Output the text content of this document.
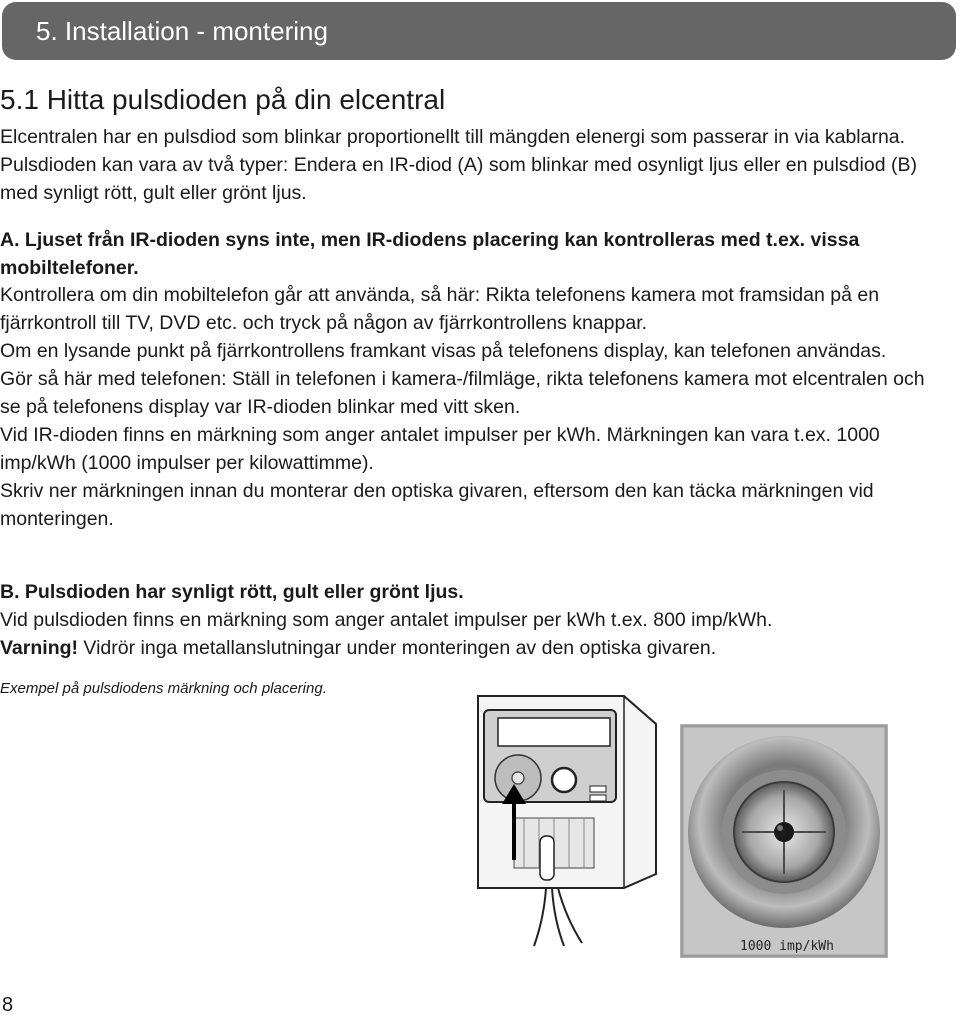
5. Installation - montering
5.1 Hitta pulsdioden på din elcentral

Elcentralen har en pulsdiod som blinkar proportionellt till mängden elenergi som passerar in via kablarna. Pulsdioden kan vara av två typer: Endera en IR-diod (A) som blinkar med osynligt ljus eller en pulsdiod (B) med synligt rött, gult eller grönt ljus.

A. Ljuset från IR-dioden syns inte, men IR-diodens placering kan kontrolleras med t.ex. vissa mobiltelefoner.

Kontrollera om din mobiltelefon går att använda, så här: Rikta telefonens kamera mot framsidan på en fjärrkontroll till TV, DVD etc. och tryck på någon av fjärrkontrollens knappar.
Om en lysande punkt på fjärrkontrollens framkant visas på telefonens display, kan telefonen användas.
Gör så här med telefonen: Ställ in telefonen i kamera-/filmläge, rikta telefonens kamera mot elcentralen och se på telefonens display var IR-dioden blinkar med vitt sken.
Vid IR-dioden finns en märkning som anger antalet impulser per kWh. Märkningen kan vara t.ex. 1000 imp/kWh (1000 impulser per kilowattimme).
Skriv ner märkningen innan du monterar den optiska givaren, eftersom den kan täcka märkningen vid monteringen.

B. Pulsdioden har synligt rött, gult eller grönt ljus.

Vid pulsdioden finns en märkning som anger antalet impulser per kWh t.ex. 800 imp/kWh.
Varning! Vidrör inga metallanslutningar under monteringen av den optiska givaren.

Exempel på pulsdiodens märkning och placering.

1000 imp/kWh
8
